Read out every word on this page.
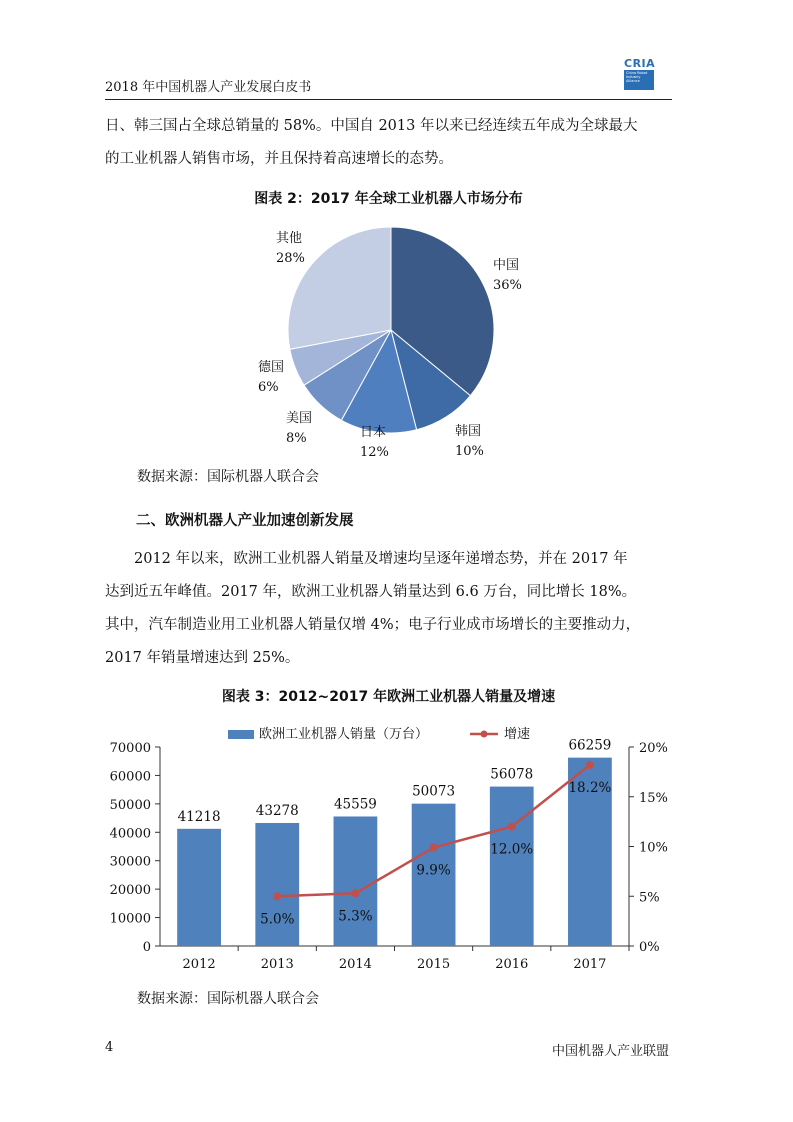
2018 年中国机器人产业发展白皮书
CRIA
China Robot Industry Alliance
日、韩三国占全球总销量的 58%。中国自 2013 年以来已经连续五年成为全球最大
的工业机器人销售市场，并且保持着高速增长的态势。
图表 2：2017 年全球工业机器人市场分布
中国
36%
韩国
10%
日本
12%
美国
8%
德国
6%
其他
28%
数据来源：国际机器人联合会
二、欧洲机器人产业加速创新发展
2012 年以来，欧洲工业机器人销量及增速均呈逐年递增态势，并在 2017 年
达到近五年峰值。2017 年，欧洲工业机器人销量达到 6.6 万台，同比增长 18%。
其中，汽车制造业用工业机器人销量仅增 4%；电子行业成市场增长的主要推动力，
2017 年销量增速达到 25%。
图表 3：2012~2017 年欧洲工业机器人销量及增速
0
10000
20000
30000
40000
50000
60000
70000
0%
5%
10%
15%
20%
41218
2012
43278
2013
45559
2014
50073
2015
56078
2016
66259
2017
5.0%	5.3%
9.9%
12.0%
18.2%
欧洲工业机器人销量（万台）	增速
数据来源：国际机器人联合会
4	中国机器人产业联盟
